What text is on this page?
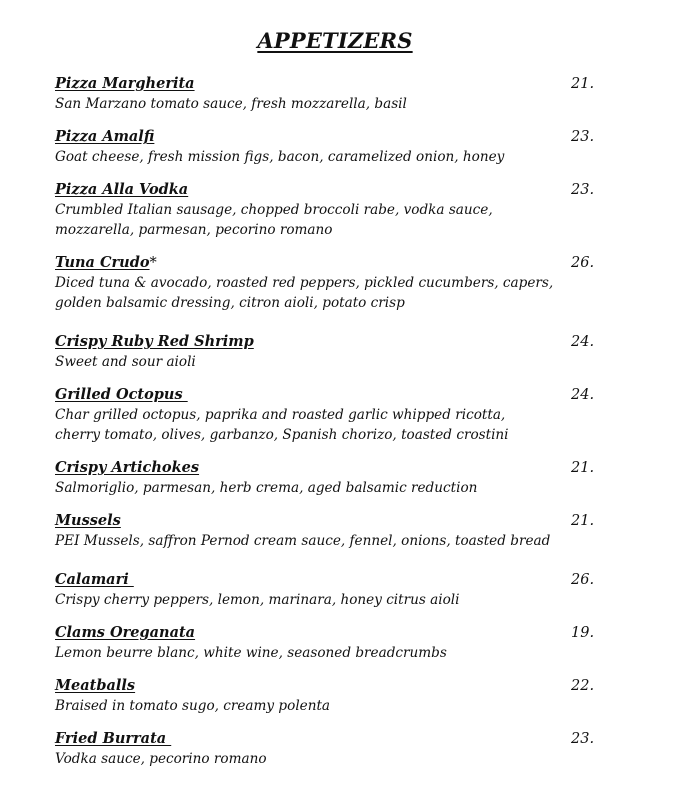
APPETIZERS
Pizza Margherita
San Marzano tomato sauce, fresh mozzarella, basil
21.
Pizza Amalfi
Goat cheese, fresh mission figs, bacon, caramelized onion, honey
23.
Pizza Alla Vodka
Crumbled Italian sausage, chopped broccoli rabe, vodka sauce,
mozzarella, parmesan, pecorino romano
23.
Tuna Crudo*
Diced tuna & avocado, roasted red peppers, pickled cucumbers, capers,
golden balsamic dressing, citron aioli, potato crisp
26.
Crispy Ruby Red Shrimp
Sweet and sour aioli
24.
Grilled Octopus
Char grilled octopus, paprika and roasted garlic whipped ricotta,
cherry tomato, olives, garbanzo, Spanish chorizo, toasted crostini
24.
Crispy Artichokes
Salmoriglio, parmesan, herb crema, aged balsamic reduction
21.
Mussels
PEI Mussels, saffron Pernod cream sauce, fennel, onions, toasted bread
21.
Calamari
Crispy cherry peppers, lemon, marinara, honey citrus aioli
26.
Clams Oreganata
Lemon beurre blanc, white wine, seasoned breadcrumbs
19.
Meatballs
Braised in tomato sugo, creamy polenta
22.
Fried Burrata
Vodka sauce, pecorino romano
23.
